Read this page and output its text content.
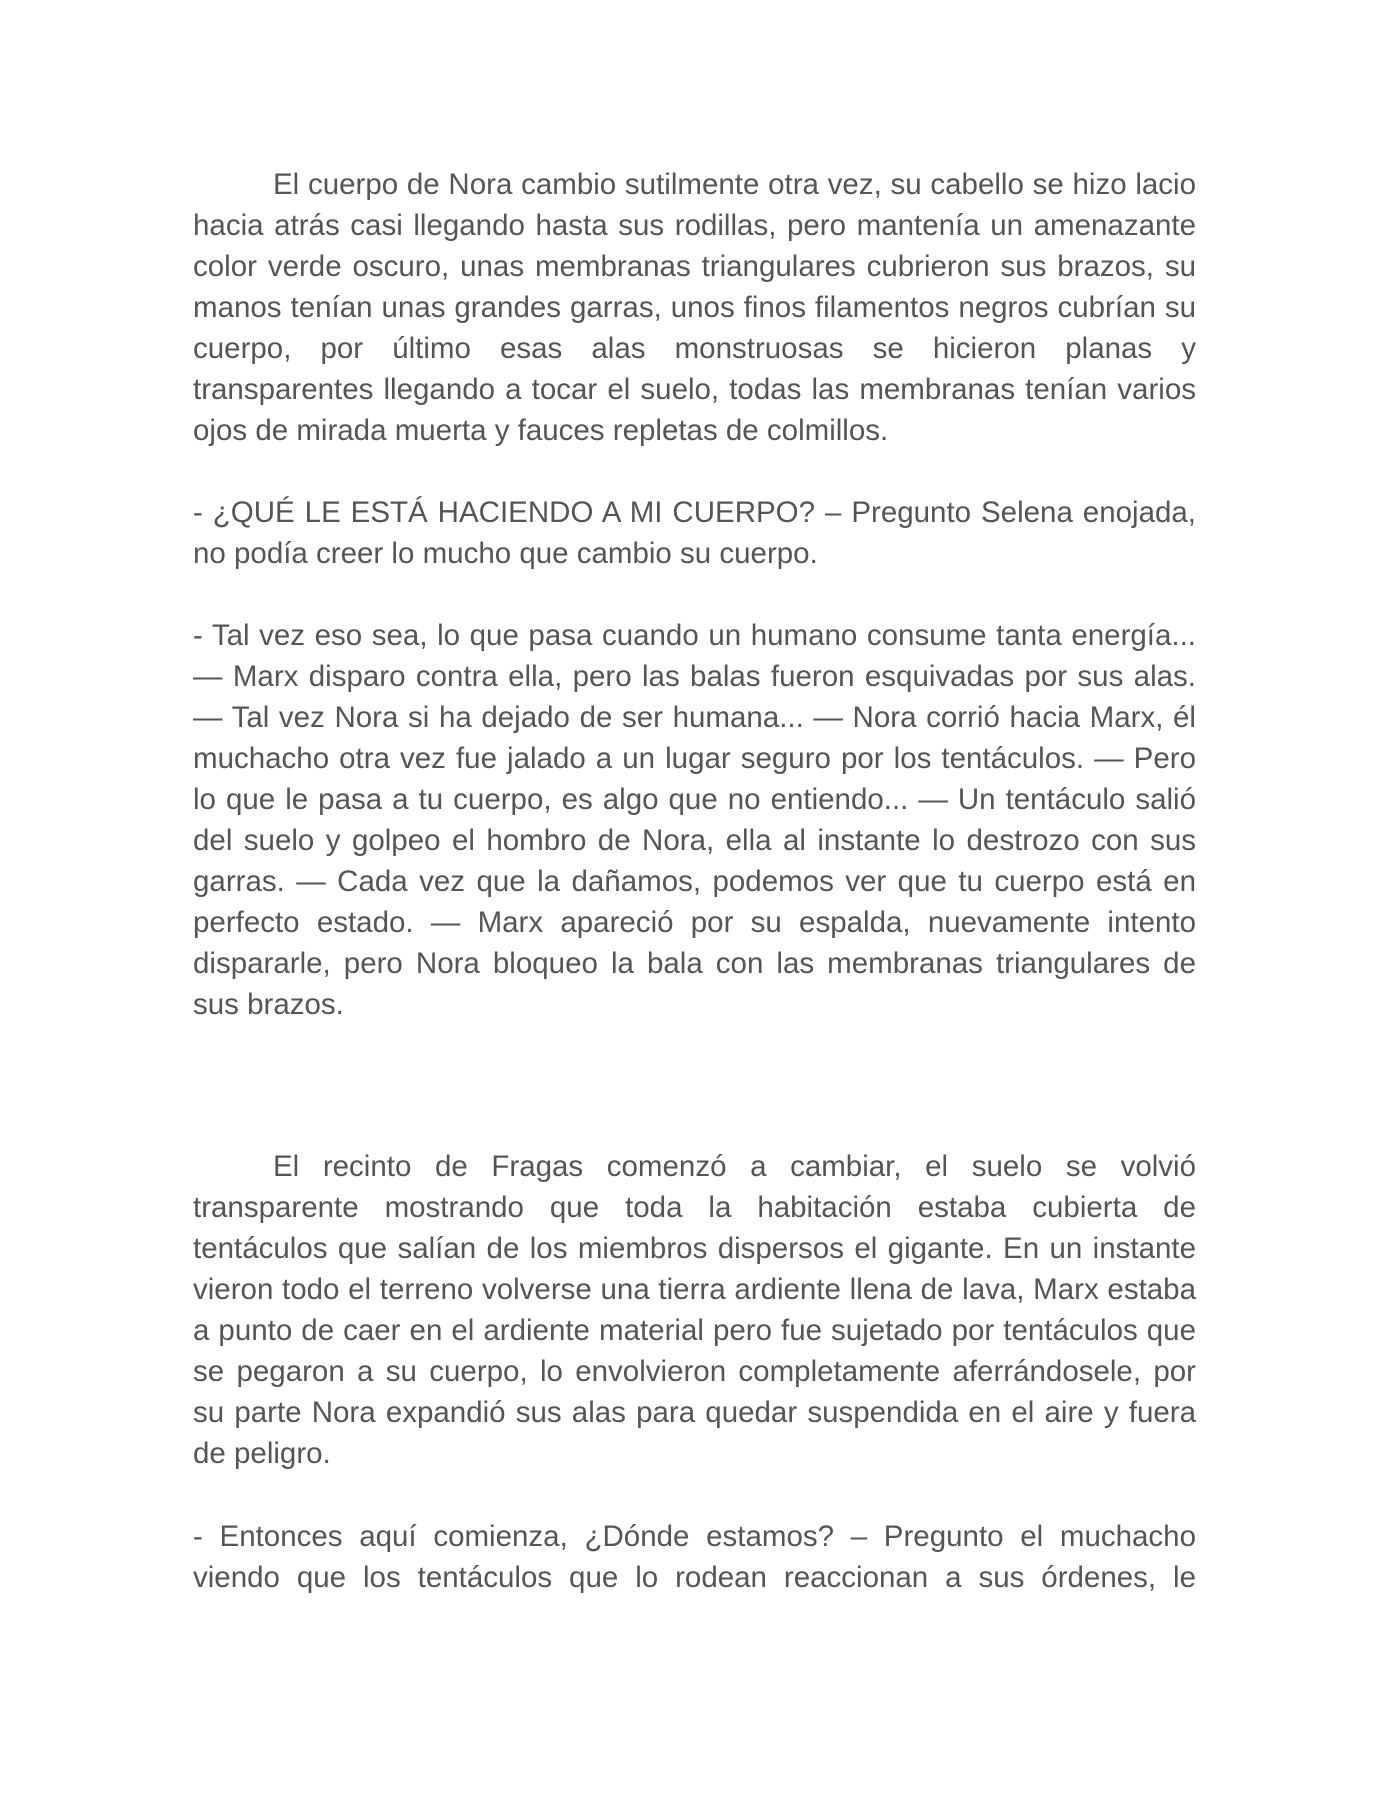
El cuerpo de Nora cambio sutilmente otra vez, su cabello se hizo lacio hacia atrás casi llegando hasta sus rodillas, pero mantenía un amenazante color verde oscuro, unas membranas triangulares cubrieron sus brazos, su manos tenían unas grandes garras, unos finos filamentos negros cubrían su cuerpo, por último esas alas monstruosas se hicieron planas y transparentes llegando a tocar el suelo, todas las membranas tenían varios ojos de mirada muerta y fauces repletas de colmillos.

- ¿QUÉ LE ESTÁ HACIENDO A MI CUERPO? – Pregunto Selena enojada, no podía creer lo mucho que cambio su cuerpo.

- Tal vez eso sea, lo que pasa cuando un humano consume tanta energía... — Marx disparo contra ella, pero las balas fueron esquivadas por sus alas. — Tal vez Nora si ha dejado de ser humana... — Nora corrió hacia Marx, él muchacho otra vez fue jalado a un lugar seguro por los tentáculos. — Pero lo que le pasa a tu cuerpo, es algo que no entiendo... — Un tentáculo salió del suelo y golpeo el hombro de Nora, ella al instante lo destrozo con sus garras. — Cada vez que la dañamos, podemos ver que tu cuerpo está en perfecto estado. — Marx apareció por su espalda, nuevamente intento dispararle, pero Nora bloqueo la bala con las membranas triangulares de sus brazos.

El recinto de Fragas comenzó a cambiar, el suelo se volvió transparente mostrando que toda la habitación estaba cubierta de tentáculos que salían de los miembros dispersos el gigante. En un instante vieron todo el terreno volverse una tierra ardiente llena de lava, Marx estaba a punto de caer en el ardiente material pero fue sujetado por tentáculos que se pegaron a su cuerpo, lo envolvieron completamente aferrándosele, por su parte Nora expandió sus alas para quedar suspendida en el aire y fuera de peligro.

- Entonces aquí comienza, ¿Dónde estamos? – Pregunto el muchacho viendo que los tentáculos que lo rodean reaccionan a sus órdenes, le
